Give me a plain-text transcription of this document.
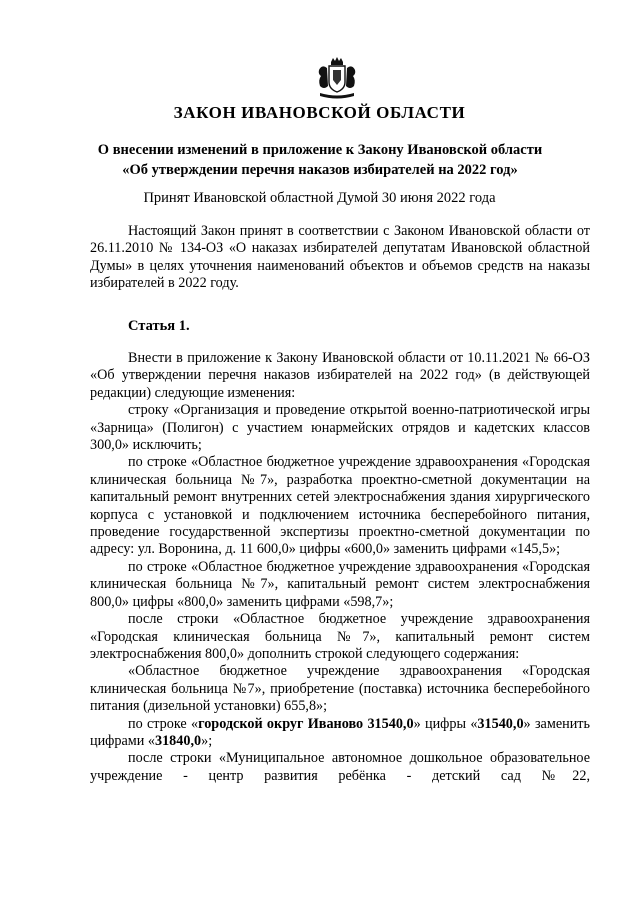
ЗАКОН ИВАНОВСКОЙ ОБЛАСТИ
О внесении изменений в приложение к Закону Ивановской области
«Об утверждении перечня наказов избирателей на 2022 год»

Принят Ивановской областной Думой 30 июня 2022 года

Настоящий Закон принят в соответствии с Законом Ивановской области от 26.11.2010 № 134-ОЗ «О наказах избирателей депутатам Ивановской областной Думы» в целях уточнения наименований объектов и объемов средств на наказы избирателей в 2022 году.

Статья 1.

Внести в приложение к Закону Ивановской области от 10.11.2021 № 66-ОЗ «Об утверждении перечня наказов избирателей на 2022 год» (в действующей редакции) следующие изменения:

строку «Организация и проведение открытой военно-патриотической игры «Зарница» (Полигон) с участием юнармейских отрядов и кадетских классов 300,0» исключить;

по строке «Областное бюджетное учреждение здравоохранения «Городская клиническая больница №7», разработка проектно-сметной документации на капитальный ремонт внутренних сетей электроснабжения здания хирургического корпуса с установкой и подключением источника бесперебойного питания, проведение государственной экспертизы проектно-сметной документации по адресу: ул. Воронина, д. 11 600,0» цифры «600,0» заменить цифрами «145,5»;

по строке «Областное бюджетное учреждение здравоохранения «Городская клиническая больница №7», капитальный ремонт систем электроснабжения 800,0» цифры «800,0» заменить цифрами «598,7»;

после строки «Областное бюджетное учреждение здравоохранения «Городская клиническая больница №7», капитальный ремонт систем электроснабжения 800,0» дополнить строкой следующего содержания:

«Областное бюджетное учреждение здравоохранения «Городская клиническая больница №7», приобретение (поставка) источника бесперебойного питания (дизельной установки) 655,8»;

по строке «городской округ Иваново 31540,0» цифры «31540,0» заменить цифрами «31840,0»;

после строки «Муниципальное автономное дошкольное образовательное учреждение - центр развития ребёнка - детский сад №22,
